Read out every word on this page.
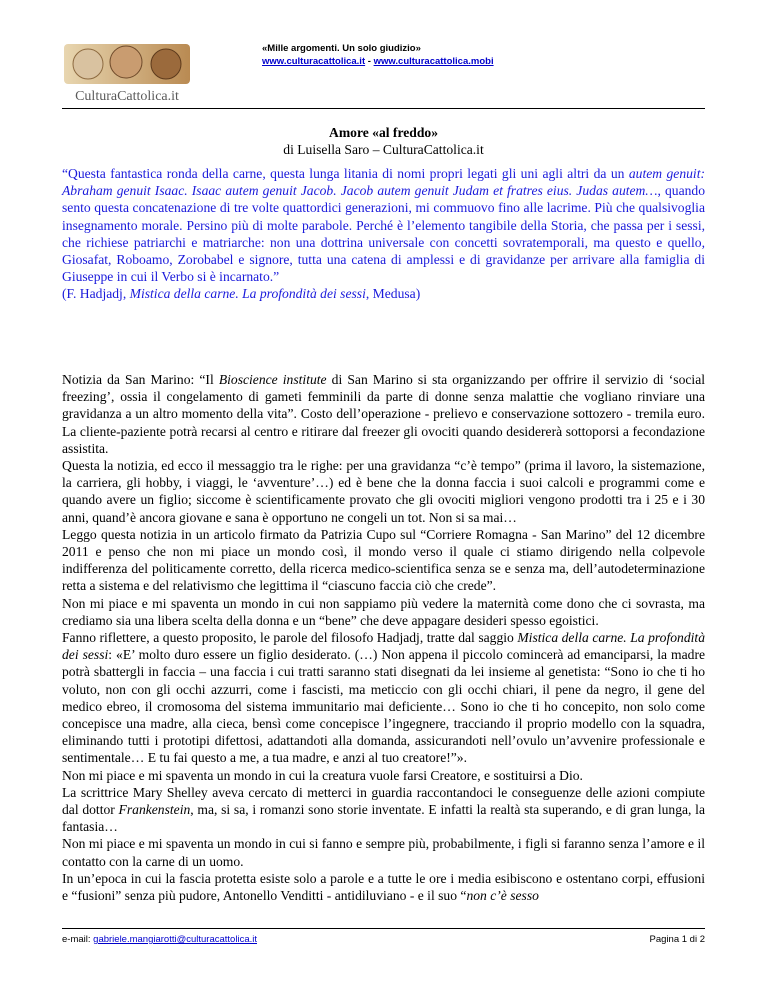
CulturaCattolica.it
«Mille argomenti. Un solo giudizio»
www.culturacattolica.it - www.culturacattolica.mobi
Amore «al freddo»
di Luisella Saro – CulturaCattolica.it
“Questa fantastica ronda della carne, questa lunga litania di nomi propri legati gli uni agli altri da un autem genuit: Abraham genuit Isaac. Isaac autem genuit Jacob. Jacob autem genuit Judam et fratres eius. Judas autem…, quando sento questa concatenazione di tre volte quattordici generazioni, mi commuovo fino alle lacrime. Più che qualsivoglia insegnamento morale. Persino più di molte parabole. Perché è l’elemento tangibile della Storia, che passa per i sessi, che richiese patriarchi e matriarche: non una dottrina universale con concetti sovratemporali, ma questo e quello, Giosafat, Roboamo, Zorobabel e signore, tutta una catena di amplessi e di gravidanze per arrivare alla famiglia di Giuseppe in cui il Verbo si è incarnato.”
(F. Hadjadj, Mistica della carne. La profondità dei sessi, Medusa)

Notizia da San Marino: “Il Bioscience institute di San Marino si sta organizzando per offrire il servizio di ‘social freezing’, ossia il congelamento di gameti femminili da parte di donne senza malattie che vogliano rinviare una gravidanza a un altro momento della vita”. Costo dell’operazione - prelievo e conservazione sottozero - tremila euro. La cliente-paziente potrà recarsi al centro e ritirare dal freezer gli ovociti quando desidererà sottoporsi a fecondazione assistita.

Questa la notizia, ed ecco il messaggio tra le righe: per una gravidanza “c’è tempo” (prima il lavoro, la sistemazione, la carriera, gli hobby, i viaggi, le ‘avventure’…) ed è bene che la donna faccia i suoi calcoli e programmi come e quando avere un figlio; siccome è scientificamente provato che gli ovociti migliori vengono prodotti tra i 25 e i 30 anni, quand’è ancora giovane e sana è opportuno ne congeli un tot. Non si sa mai…

Leggo questa notizia in un articolo firmato da Patrizia Cupo sul “Corriere Romagna - San Marino” del 12 dicembre 2011 e penso che non mi piace un mondo così, il mondo verso il quale ci stiamo dirigendo nella colpevole indifferenza del politicamente corretto, della ricerca medico-scientifica senza se e senza ma, dell’autodeterminazione retta a sistema e del relativismo che legittima il “ciascuno faccia ciò che crede”.

Non mi piace e mi spaventa un mondo in cui non sappiamo più vedere la maternità come dono che ci sovrasta, ma crediamo sia una libera scelta della donna e un “bene” che deve appagare desideri spesso egoistici.

Fanno riflettere, a questo proposito, le parole del filosofo Hadjadj, tratte dal saggio Mistica della carne. La profondità dei sessi: «E’ molto duro essere un figlio desiderato. (…) Non appena il piccolo comincerà ad emanciparsi, la madre potrà sbattergli in faccia – una faccia i cui tratti saranno stati disegnati da lei insieme al genetista: “Sono io che ti ho voluto, non con gli occhi azzurri, come i fascisti, ma meticcio con gli occhi chiari, il pene da negro, il gene del medico ebreo, il cromosoma del sistema immunitario mai deficiente… Sono io che ti ho concepito, non solo come concepisce una madre, alla cieca, bensì come concepisce l’ingegnere, tracciando il proprio modello con la squadra, eliminando tutti i prototipi difettosi, adattandoti alla domanda, assicurandoti nell’ovulo un’avvenire professionale e sentimentale… E tu fai questo a me, a tua madre, e anzi al tuo creatore!”».

Non mi piace e mi spaventa un mondo in cui la creatura vuole farsi Creatore, e sostituirsi a Dio.

La scrittrice Mary Shelley aveva cercato di metterci in guardia raccontandoci le conseguenze delle azioni compiute dal dottor Frankenstein, ma, si sa, i romanzi sono storie inventate. E infatti la realtà sta superando, e di gran lunga, la fantasia…

Non mi piace e mi spaventa un mondo in cui si fanno e sempre più, probabilmente, i figli si faranno senza l’amore e il contatto con la carne di un uomo.

In un’epoca in cui la fascia protetta esiste solo a parole e a tutte le ore i media esibiscono e ostentano corpi, effusioni e “fusioni” senza più pudore, Antonello Venditti - antidiluviano - e il suo “non c’è sesso

e-mail: gabriele.mangiarotti@culturacattolica.it	Pagina 1 di 2
